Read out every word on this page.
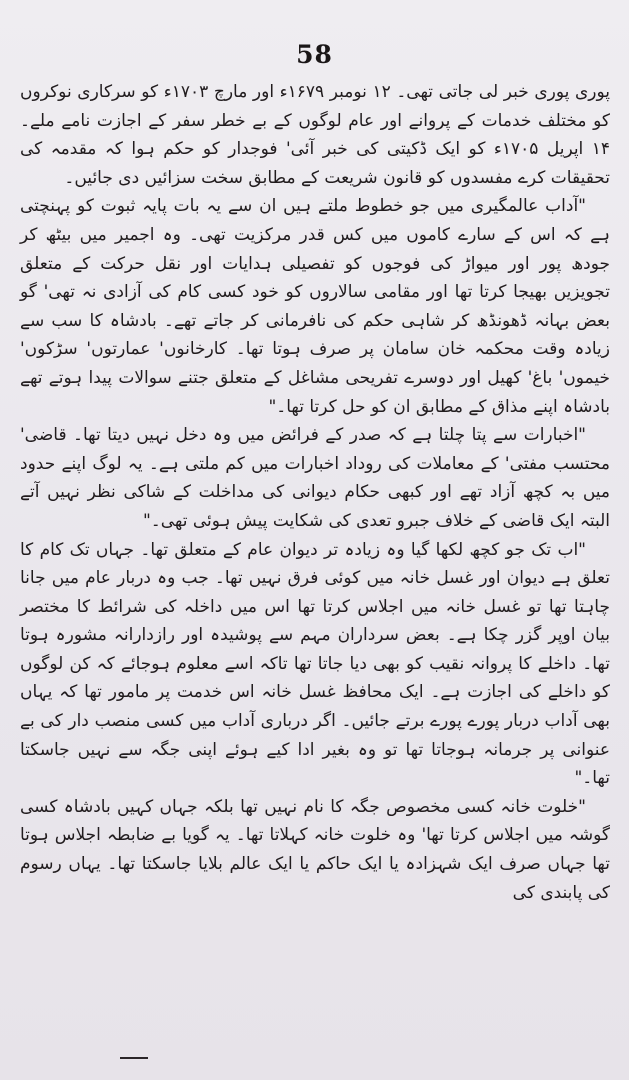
58

پوری پوری خبر لی جاتی تھی۔ ۱۲ نومبر ۱۶۷۹ء اور مارچ ۱۷۰۳ء کو سرکاری نوکروں کو مختلف خدمات کے پروانے اور عام لوگوں کے بے خطر سفر کے اجازت نامے ملے۔ ۱۴ اپریل ۱۷۰۵ء کو ایک ڈکیتی کی خبر آئی' فوجدار کو حکم ہوا کہ مقدمہ کی تحقیقات کرے مفسدوں کو قانون شریعت کے مطابق سخت سزائیں دی جائیں۔

"آداب عالمگیری میں جو خطوط ملتے ہیں ان سے یہ بات پایہ ثبوت کو پہنچتی ہے کہ اس کے سارے کاموں میں کس قدر مرکزیت تھی۔ وہ اجمیر میں بیٹھ کر جودھ پور اور میواڑ کی فوجوں کو تفصیلی ہدایات اور نقل حرکت کے متعلق تجویزیں بھیجا کرتا تھا اور مقامی سالاروں کو خود کسی کام کی آزادی نہ تھی' گو بعض بہانہ ڈھونڈھ کر شاہی حکم کی نافرمانی کر جاتے تھے۔ بادشاہ کا سب سے زیادہ وقت محکمہ خان سامان پر صرف ہوتا تھا۔ کارخانوں' عمارتوں' سڑکوں' خیموں' باغ' کھیل اور دوسرے تفریحی مشاغل کے متعلق جتنے سوالات پیدا ہوتے تھے بادشاہ اپنے مذاق کے مطابق ان کو حل کرتا تھا۔"

"اخبارات سے پتا چلتا ہے کہ صدر کے فرائض میں وہ دخل نہیں دیتا تھا۔ قاضی' محتسب مفتی' کے معاملات کی روداد اخبارات میں کم ملتی ہے۔ یہ لوگ اپنے حدود میں بہ کچھ آزاد تھے اور کبھی حکام دیوانی کی مداخلت کے شاکی نظر نہیں آتے البتہ ایک قاضی کے خلاف جبرو تعدی کی شکایت پیش ہوئی تھی۔"

"اب تک جو کچھ لکھا گیا وہ زیادہ تر دیوان عام کے متعلق تھا۔ جہاں تک کام کا تعلق ہے دیوان اور غسل خانہ میں کوئی فرق نہیں تھا۔ جب وہ دربار عام میں جانا چاہتا تھا تو غسل خانہ میں اجلاس کرتا تھا اس میں داخلہ کی شرائط کا مختصر بیان اوپر گزر چکا ہے۔ بعض سرداران مہم سے پوشیدہ اور رازدارانہ مشورہ ہوتا تھا۔ داخلے کا پروانہ نقیب کو بھی دیا جاتا تھا تاکہ اسے معلوم ہوجائے کہ کن لوگوں کو داخلے کی اجازت ہے۔ ایک محافظ غسل خانہ اس خدمت پر مامور تھا کہ یہاں بھی آداب دربار پورے پورے برتے جائیں۔ اگر درباری آداب میں کسی منصب دار کی بے عنوانی پر جرمانہ ہوجاتا تھا تو وہ بغیر ادا کیے ہوئے اپنی جگہ سے نہیں جاسکتا تھا۔"

"خلوت خانہ کسی مخصوص جگہ کا نام نہیں تھا بلکہ جہاں کہیں بادشاہ کسی گوشہ میں اجلاس کرتا تھا' وہ خلوت خانہ کہلاتا تھا۔ یہ گویا بے ضابطہ اجلاس ہوتا تھا جہاں صرف ایک شہزادہ یا ایک حاکم یا ایک عالم بلایا جاسکتا تھا۔ یہاں رسوم کی پابندی کی
